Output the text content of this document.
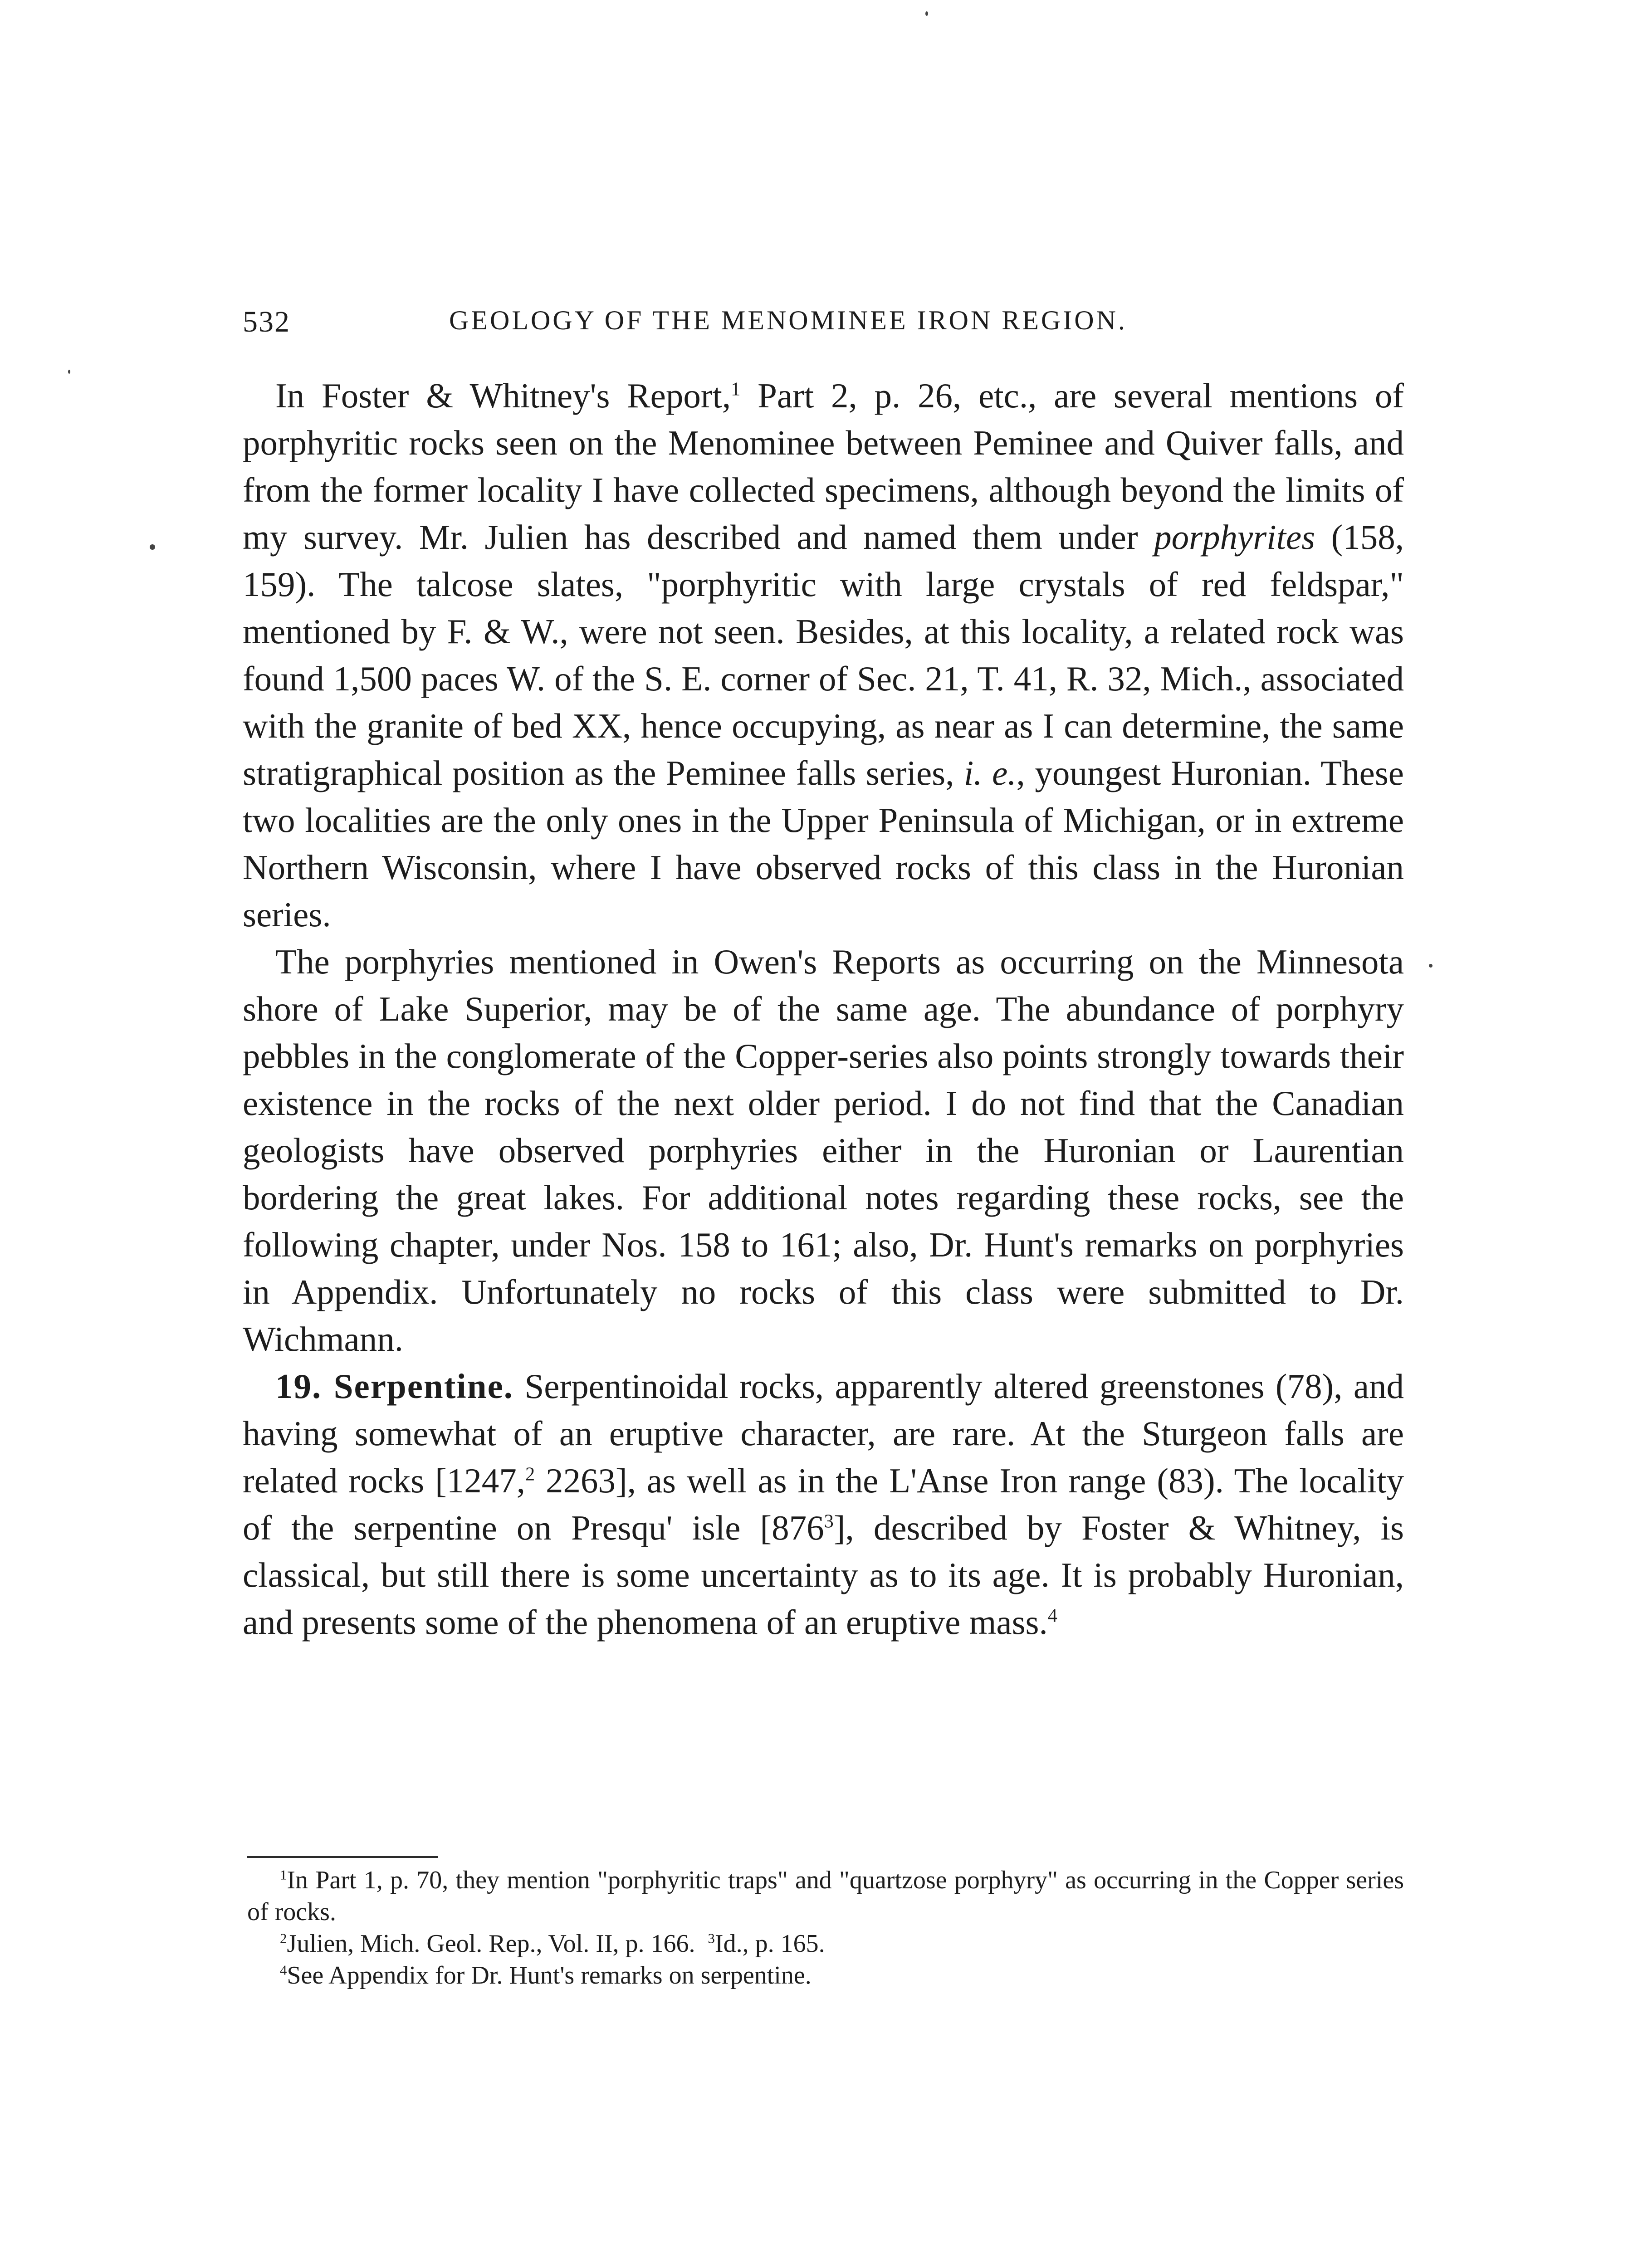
532	GEOLOGY OF THE MENOMINEE IRON REGION.

In Foster & Whitney's Report,$^1$ Part 2, p. 26, etc., are several mentions of porphyritic rocks seen on the Menominee between Peminee and Quiver falls, and from the former locality I have collected specimens, although beyond the limits of my survey. Mr. Julien has described and named them under porphyrites (158, 159). The talcose slates, "porphyritic with large crystals of red feldspar," mentioned by F. & W., were not seen. Besides, at this locality, a related rock was found 1,500 paces W. of the S. E. corner of Sec. 21, T. 41, R. 32, Mich., associated with the granite of bed XX, hence occupying, as near as I can determine, the same stratigraphical position as the Peminee falls series, i. e., youngest Huronian. These two localities are the only ones in the Upper Peninsula of Michigan, or in extreme Northern Wisconsin, where I have observed rocks of this class in the Huronian series.

The porphyries mentioned in Owen's Reports as occurring on the Minnesota shore of Lake Superior, may be of the same age. The abundance of porphyry pebbles in the conglomerate of the Copper-series also points strongly towards their existence in the rocks of the next older period. I do not find that the Canadian geologists have observed porphyries either in the Huronian or Laurentian bordering the great lakes. For additional notes regarding these rocks, see the following chapter, under Nos. 158 to 161; also, Dr. Hunt's remarks on porphyries in Appendix. Unfortunately no rocks of this class were submitted to Dr. Wichmann.

19. Serpentine. Serpentinoidal rocks, apparently altered greenstones (78), and having somewhat of an eruptive character, are rare. At the Sturgeon falls are related rocks [1247,$^2$ 2263], as well as in the L'Anse Iron range (83). The locality of the serpentine on Presqu' isle $[876^3]$, described by Foster & Whitney, is classical, but still there is some uncertainty as to its age. It is probably Huronian, and presents some of the phenomena of an eruptive mass.$^4$

$^1$In Part 1, p. 70, they mention "porphyritic traps" and "quartzose porphyry" as occurring in the Copper series of rocks.

$^2$Julien, Mich. Geol. Rep., Vol. II, p. 166. $^3$Id., p. 165.

$^4$See Appendix for Dr. Hunt's remarks on serpentine.
